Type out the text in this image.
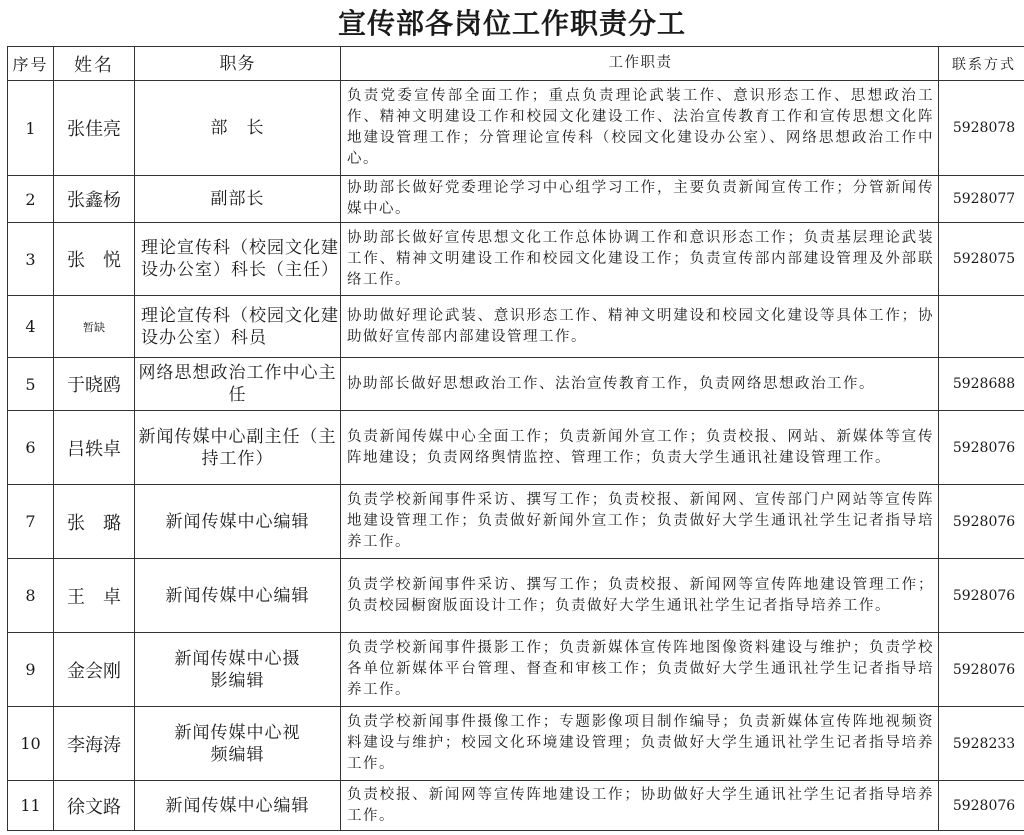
宣传部各岗位工作职责分工
序号	姓名	职务	工作职责	联系方式
1	张佳亮	部　长	负责党委宣传部全面工作；重点负责理论武装工作、意识形态工作、思想政治工作、精神文明建设工作和校园文化建设工作、法治宣传教育工作和宣传思想文化阵地建设管理工作；分管理论宣传科（校园文化建设办公室）、网络思想政治工作中心。	5928078
2	张鑫杨	副部长	协助部长做好党委理论学习中心组学习工作，主要负责新闻宣传工作；分管新闻传媒中心。	5928077
3	张　悦	理论宣传科（校园文化建设办公室）科长（主任）	协助部长做好宣传思想文化工作总体协调工作和意识形态工作；负责基层理论武装工作、精神文明建设工作和校园文化建设工作；负责宣传部内部建设管理及外部联络工作。	5928075
4	暂缺	理论宣传科（校园文化建设办公室）科员	协助做好理论武装、意识形态工作、精神文明建设和校园文化建设等具体工作；协助做好宣传部内部建设管理工作。	
5	于晓鸥	网络思想政治工作中心主任	协助部长做好思想政治工作、法治宣传教育工作，负责网络思想政治工作。	5928688
6	吕轶卓	新闻传媒中心副主任（主持工作）	负责新闻传媒中心全面工作；负责新闻外宣工作；负责校报、网站、新媒体等宣传阵地建设；负责网络舆情监控、管理工作；负责大学生通讯社建设管理工作。	5928076
7	张　璐	新闻传媒中心编辑	负责学校新闻事件采访、撰写工作；负责校报、新闻网、宣传部门户网站等宣传阵地建设管理工作；负责做好新闻外宣工作；负责做好大学生通讯社学生记者指导培养工作。	5928076
8	王　卓	新闻传媒中心编辑	负责学校新闻事件采访、撰写工作；负责校报、新闻网等宣传阵地建设管理工作；负责校园橱窗版面设计工作；负责做好大学生通讯社学生记者指导培养工作。	5928076
9	金会刚	新闻传媒中心摄影编辑	负责学校新闻事件摄影工作；负责新媒体宣传阵地图像资料建设与维护；负责学校各单位新媒体平台管理、督查和审核工作；负责做好大学生通讯社学生记者指导培养工作。	5928076
10	李海涛	新闻传媒中心视频编辑	负责学校新闻事件摄像工作；专题影像项目制作编导；负责新媒体宣传阵地视频资料建设与维护；校园文化环境建设管理；负责做好大学生通讯社学生记者指导培养工作。	5928233
11	徐文路	新闻传媒中心编辑	负责校报、新闻网等宣传阵地建设工作；协助做好大学生通讯社学生记者指导培养工作。	5928076
